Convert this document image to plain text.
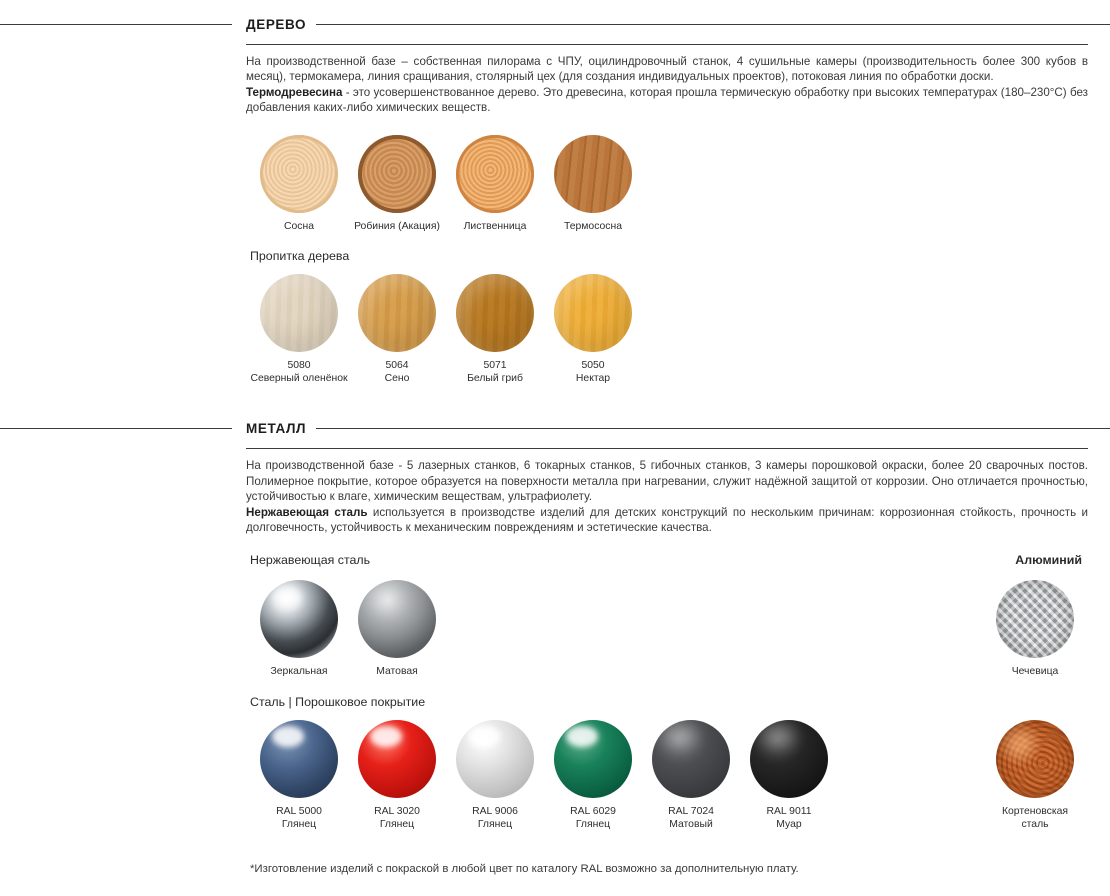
ДЕРЕВО
На производственной базе – собственная пилорама с ЧПУ, оцилиндровочный станок, 4 сушильные камеры (производительность более 300 кубов в месяц), термокамера, линия сращивания, столярный цех (для создания индивидуальных проектов), потоковая линия по обработки доски.
Термодревесина - это усовершенствованное дерево. Это древесина, которая прошла термическую обработку при высоких температурах (180–230°С) без добавления каких-либо химических веществ.
Сосна	Робиния (Акация)	Лиственница	Термососна
Пропитка дерева
5080
Северный оленёнок
5064
Сено
5071
Белый гриб
5050
Нектар
МЕТАЛЛ
На производственной базе - 5 лазерных станков, 6 токарных станков, 5 гибочных станков, 3 камеры порошковой окраски, более 20 сварочных постов. Полимерное покрытие, которое образуется на поверхности металла при нагревании, служит надёжной защитой от коррозии. Оно отличается прочностью, устойчивостью к влаге, химическим веществам, ультрафиолету.
Нержавеющая сталь используется в производстве изделий для детских конструкций по нескольким причинам: коррозионная стойкость, прочность и долговечность, устойчивость к механическим повреждениям и эстетические качества.
Нержавеющая сталь	Алюминий
Зеркальная	Матовая	Чечевица
Сталь | Порошковое покрытие
RAL 5000
Глянец
RAL 3020
Глянец
RAL 9006
Глянец
RAL 6029
Глянец
RAL 7024
Матовый
RAL 9011
Муар
Кортеновская
сталь
*Изготовление изделий с покраской в любой цвет по каталогу RAL возможно за дополнительную плату.
